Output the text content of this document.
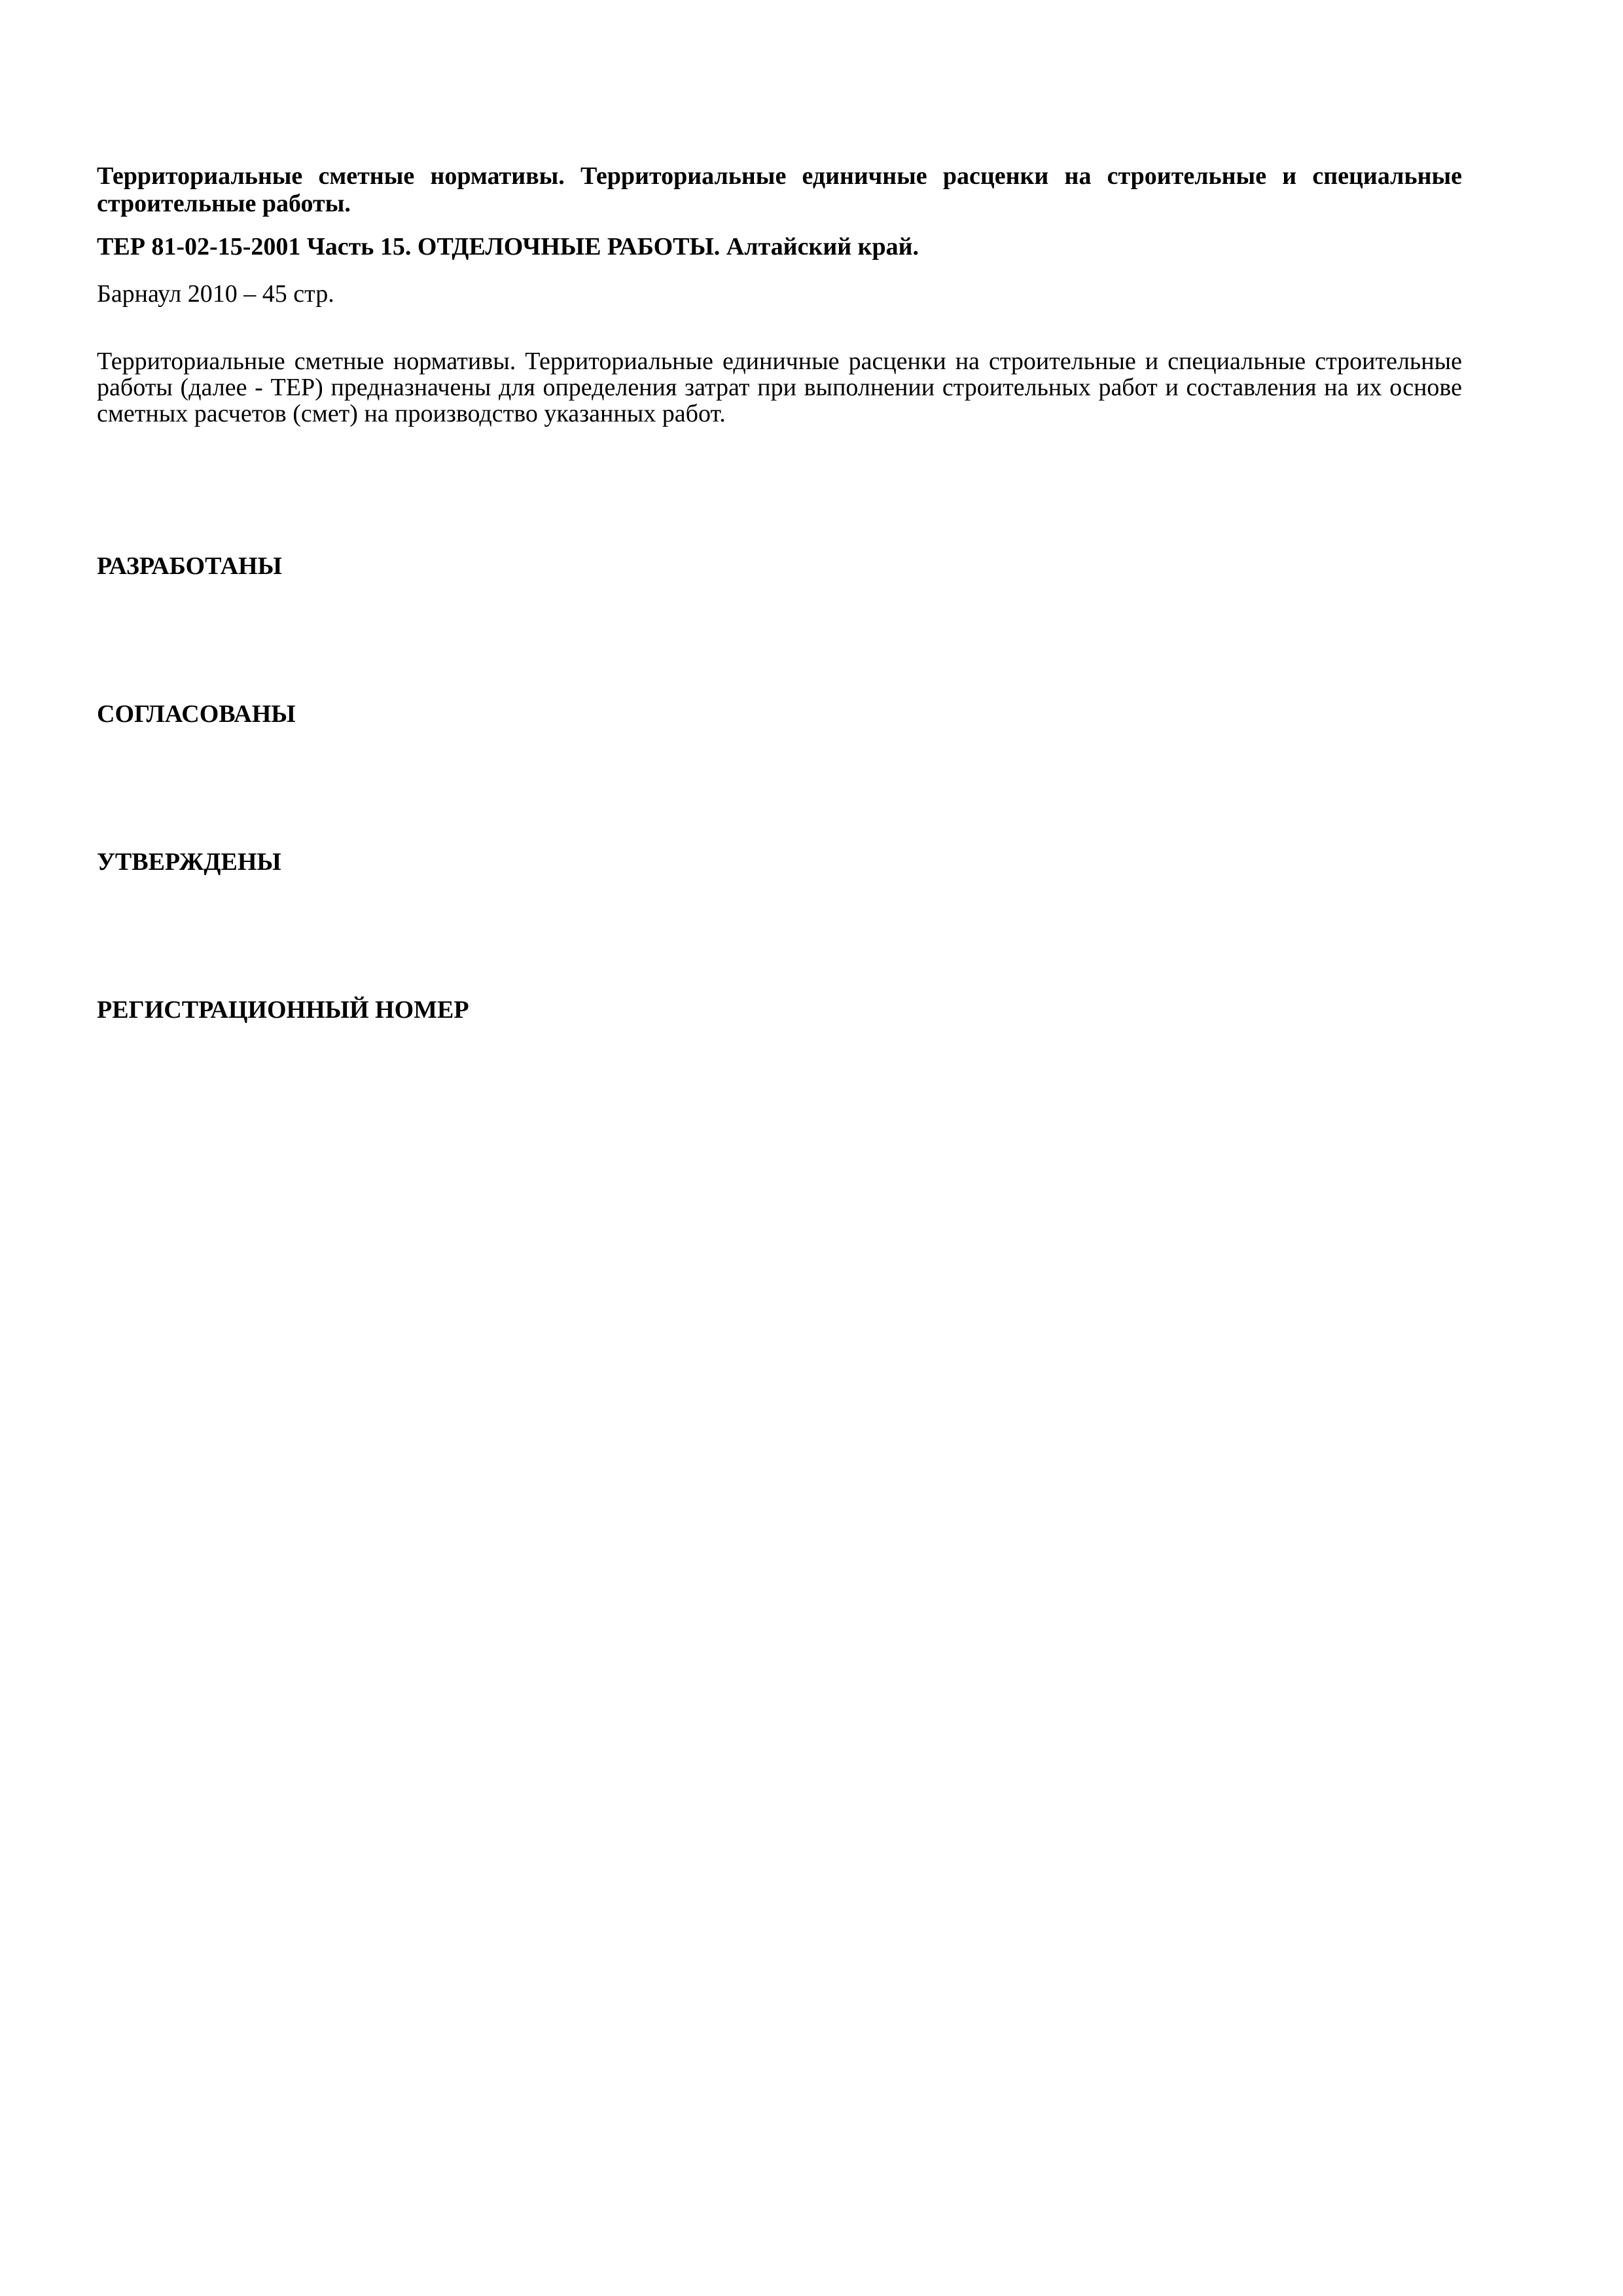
Территориальные сметные нормативы. Территориальные единичные расценки на строительные и специальные строительные работы.

ТЕР 81-02-15-2001 Часть 15. ОТДЕЛОЧНЫЕ РАБОТЫ. Алтайский край.

Барнаул 2010 – 45 стр.

Территориальные сметные нормативы. Территориальные единичные расценки на строительные и специальные строительные работы (далее - ТЕР) предназначены для определения затрат при выполнении строительных работ и составления на их основе сметных расчетов (смет) на производство указанных работ.

РАЗРАБОТАНЫ

СОГЛАСОВАНЫ

УТВЕРЖДЕНЫ

РЕГИСТРАЦИОННЫЙ НОМЕР
